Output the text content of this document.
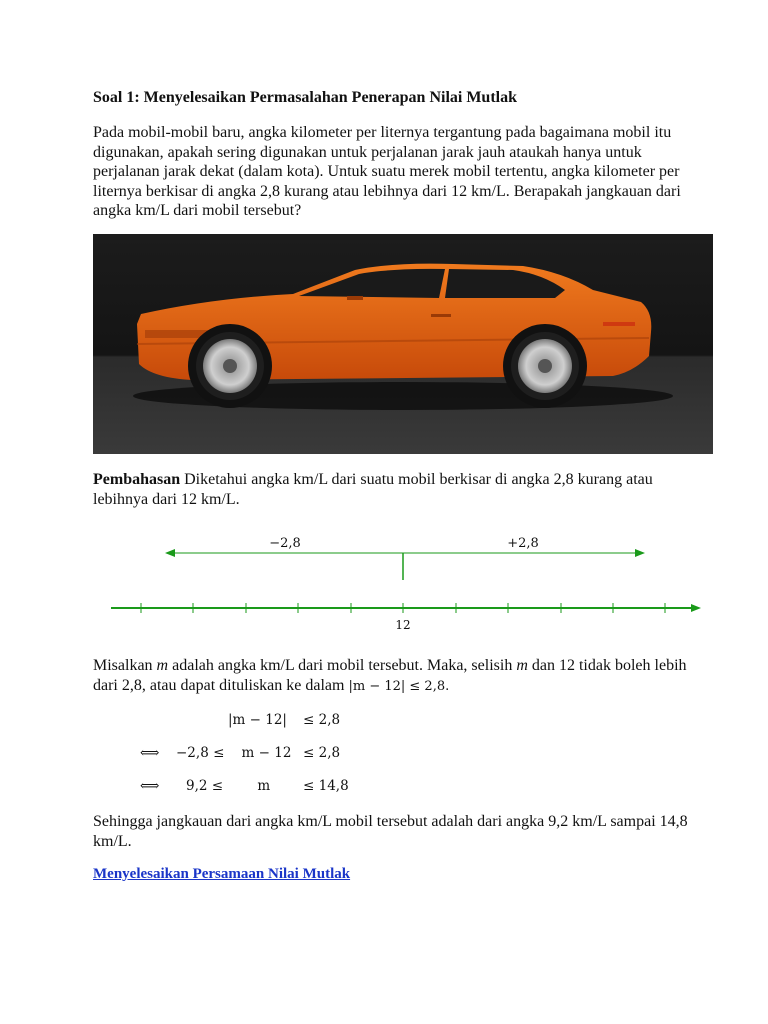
Soal 1: Menyelesaikan Permasalahan Penerapan Nilai Mutlak
Pada mobil-mobil baru, angka kilometer per liternya tergantung pada bagaimana mobil itu digunakan, apakah sering digunakan untuk perjalanan jarak jauh ataukah hanya untuk perjalanan jarak dekat (dalam kota). Untuk suatu merek mobil tertentu, angka kilometer per liternya berkisar di angka 2,8 kurang atau lebihnya dari 12 km/L. Berapakah jangkauan dari angka km/L dari mobil tersebut?
Pembahasan Diketahui angka km/L dari suatu mobil berkisar di angka 2,8 kurang atau lebihnya dari 12 km/L.
−2,8	+2,8
12
Misalkan m adalah angka km/L dari mobil tersebut. Maka, selisih m dan 12 tidak boleh lebih dari 2,8, atau dapat dituliskan ke dalam |m − 12| ≤ 2,8.
|m − 12| ≤ 2,8
⟺ −2,8 ≤    m − 12 ≤ 2,8
⟺ 9,2 ≤        m ≤ 14,8
Sehingga jangkauan dari angka km/L mobil tersebut adalah dari angka 9,2 km/L sampai 14,8 km/L.
Menyelesaikan Persamaan Nilai Mutlak
